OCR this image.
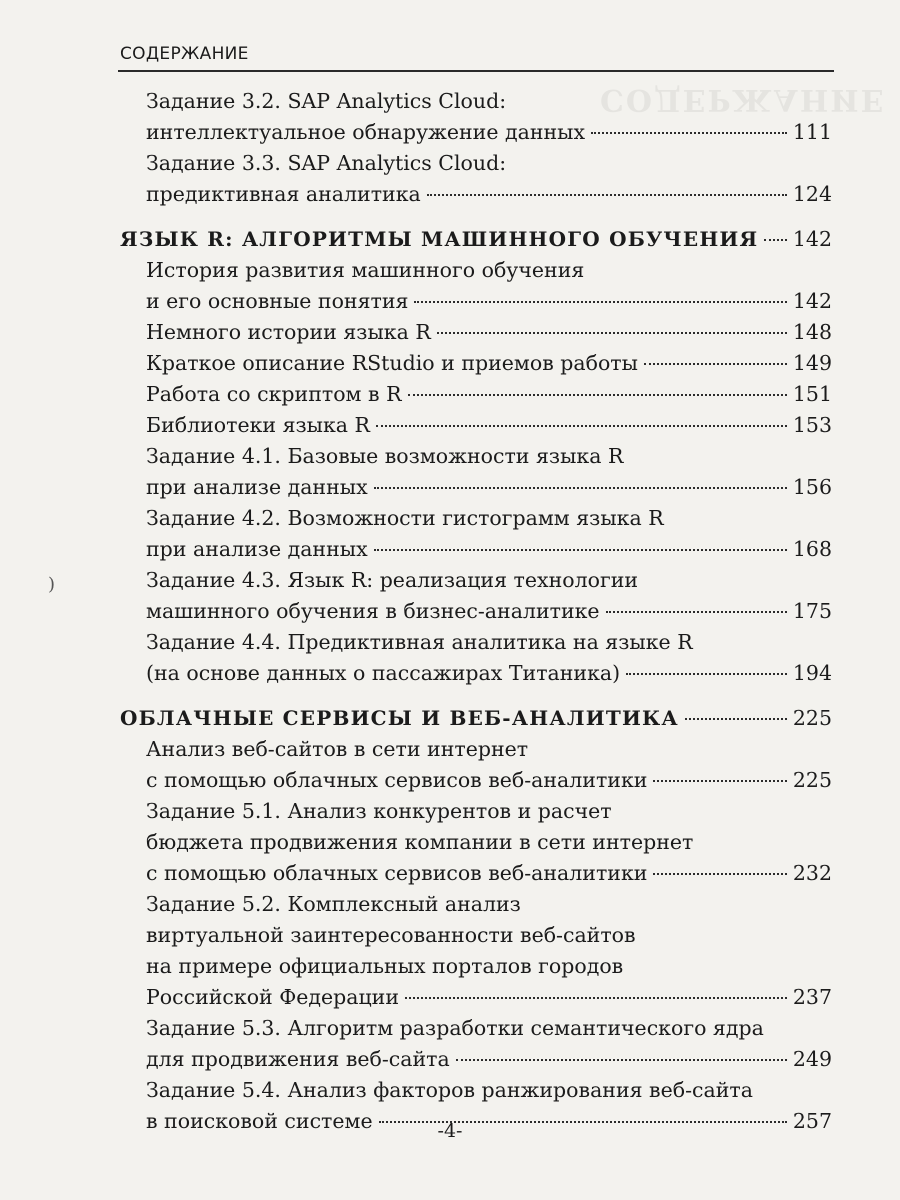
СОДЕРЖАНИЕ
СОДЕРЖАНИЕ
)
Задание 3.2. SAP Analytics Cloud:
интеллектуальное обнаружение данных	111
Задание 3.3. SAP Analytics Cloud:
предиктивная аналитика	124
ЯЗЫК R: АЛГОРИТМЫ МАШИННОГО ОБУЧЕНИЯ 142
История развития машинного обучения
и его основные понятия	142
Немного истории языка R	148
Краткое описание RStudio и приемов работы	149
Работа со скриптом в R	151
Библиотеки языка R	153
Задание 4.1. Базовые возможности языка R
при анализе данных	156
Задание 4.2. Возможности гистограмм языка R
при анализе данных	168
Задание 4.3. Язык R: реализация технологии
машинного обучения в бизнес-аналитике	175
Задание 4.4. Предиктивная аналитика на языке R
(на основе данных о пассажирах Титаника)	194
ОБЛАЧНЫЕ СЕРВИСЫ И ВЕБ-АНАЛИТИКА	225
Анализ веб-сайтов в сети интернет
с помощью облачных сервисов веб-аналитики	225
Задание 5.1. Анализ конкурентов и расчет
бюджета продвижения компании в сети интернет
с помощью облачных сервисов веб-аналитики	232
Задание 5.2. Комплексный анализ
виртуальной заинтересованности веб-сайтов
на примере официальных порталов городов
Российской Федерации	237
Задание 5.3. Алгоритм разработки семантического ядра
для продвижения веб-сайта	249
Задание 5.4. Анализ факторов ранжирования веб-сайта
в поисковой системе	257
-4-
